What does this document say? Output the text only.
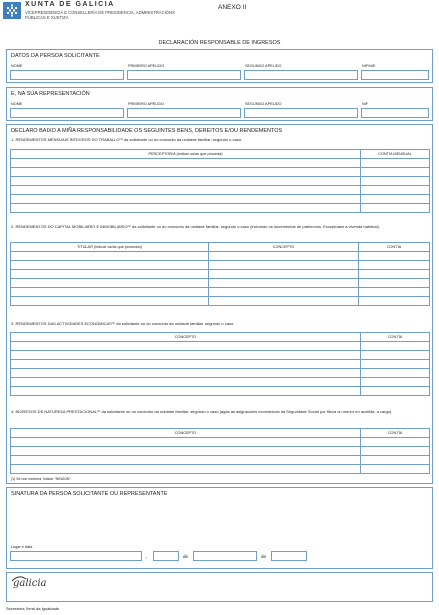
XUNTA DE GALICIA
VICEPRESIDENCIA E CONSELLERÍA DE PRESIDENCIA, ADMINISTRACIÓNS PÚBLICAS E XUSTIZA
ANEXO II
DECLARACIÓN RESPONSABLE DE INGRESOS
DATOS DA PERSOA SOLICITANTE
NOME	PRIMEIRO APELIDO	SEGUNDO APELIDO	NIF/NIE
E, NA SÚA REPRESENTACIÓN
NOME	PRIMEIRO APELIDO	SEGUNDO APELIDO	NIF
DECLARO BAIXO A MIÑA RESPONSABILIDADE OS SEGUINTES BENS, DEREITOS E/OU RENDEMENTOS
1. RENDEMENTOS MENSUAIS ÍNTEGROS DO TRABALLO⁽¹⁾ da solicitante ou do conxunto da unidade familiar, segundo o caso.
PERCEPTOR/A (indicar os/as que proceda)	CONTÍA MENSUAL

2. RENDEMENTOS DO CAPITAL MOBILIARIO E INMOBILIARIO⁽¹⁾ da solicitante ou do conxunto da unidade familiar, segundo o caso (incluíndo os incrementos de patrimonio. Exceptúase a vivenda habitual).
TITULAR (indicar os/as que procedan)	CONCEPTO	CONTÍA

3. RENDEMENTOS DAS ACTIVIDADES ECONÓMICAS⁽¹⁾ da solicitante ou do conxunto da unidade familiar, segundo o caso.
CONCEPTO	CONTÍA

4. INGRESOS DE NATUREZA PRESTACIONAL⁽¹⁾ da solicitante ou do conxunto da unidade familiar, segundo o caso (agás as asignacións económicas da Seguridade Social por fillo/a ou menor en acollida, a cargo).
CONCEPTO	CONTÍA

(1) Se non houbera, indicar "NINGÚN".
SINATURA DA PERSOA SOLICITANTE OU REPRESENTANTE
Lugar e data
,	de	de
galicia
Secretaría Xeral da Igualdade
